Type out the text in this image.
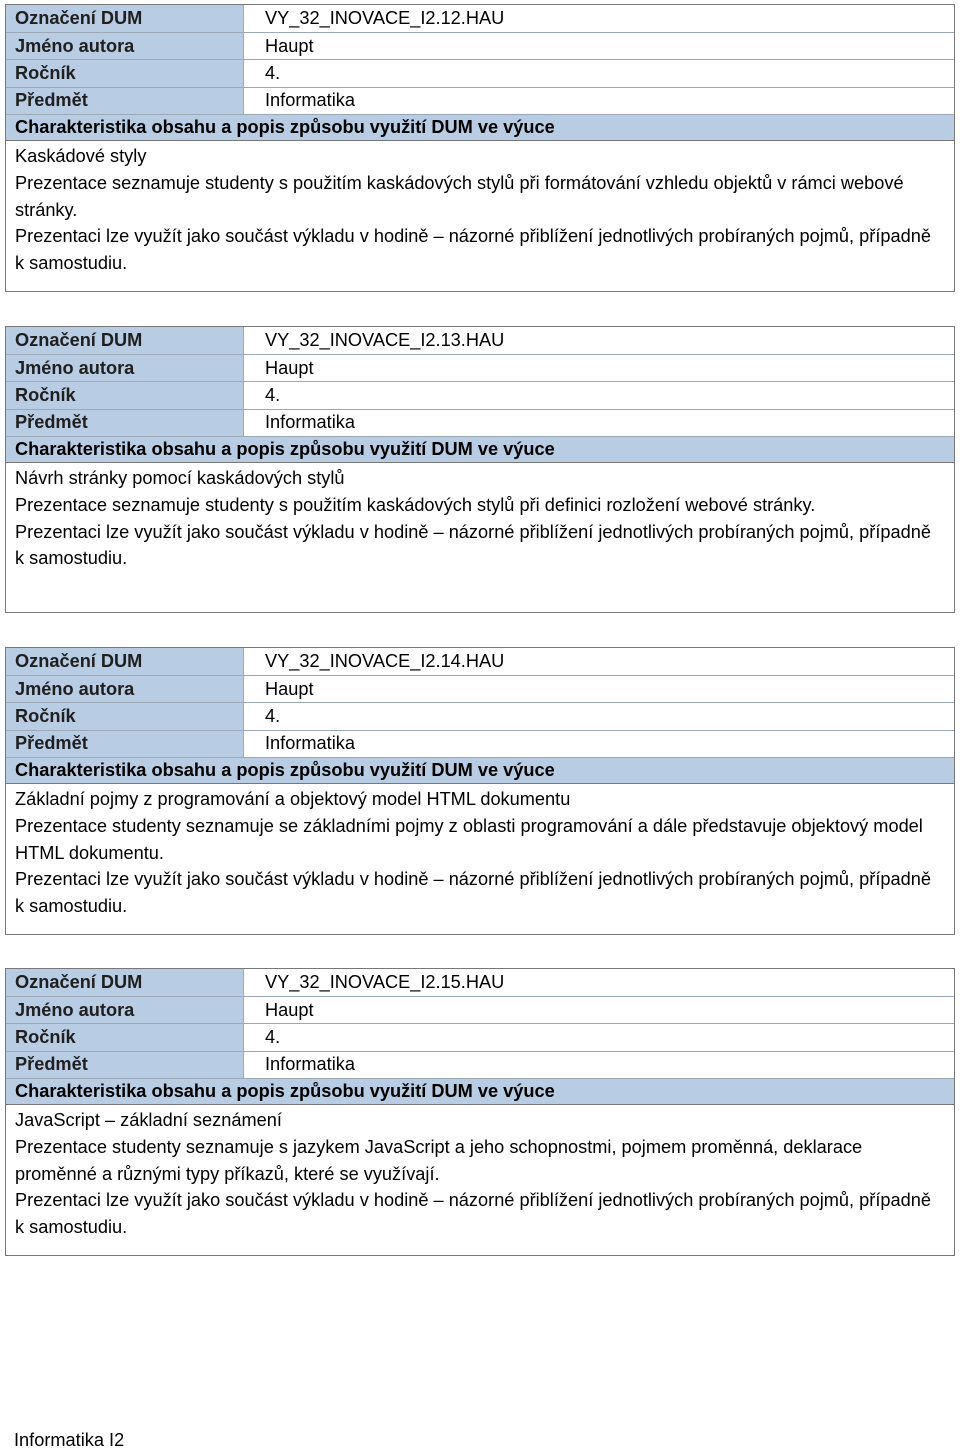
Označení DUM	VY_32_INOVACE_I2.12.HAU
Jméno autora	Haupt
Ročník	4.
Předmět	Informatika
Charakteristika obsahu a popis způsobu využití DUM ve výuce

Kaskádové styly

Prezentace seznamuje studenty s použitím kaskádových stylů při formátování vzhledu objektů v rámci webové stránky.

Prezentaci lze využít jako součást výkladu v hodině – názorné přiblížení jednotlivých probíraných pojmů, případně k samostudiu.

Označení DUM	VY_32_INOVACE_I2.13.HAU
Jméno autora	Haupt
Ročník	4.
Předmět	Informatika
Charakteristika obsahu a popis způsobu využití DUM ve výuce

Návrh stránky pomocí kaskádových stylů

Prezentace seznamuje studenty s použitím kaskádových stylů při definici rozložení webové stránky.

Prezentaci lze využít jako součást výkladu v hodině – názorné přiblížení jednotlivých probíraných pojmů, případně k samostudiu.

Označení DUM	VY_32_INOVACE_I2.14.HAU
Jméno autora	Haupt
Ročník	4.
Předmět	Informatika
Charakteristika obsahu a popis způsobu využití DUM ve výuce

Základní pojmy z programování a objektový model HTML dokumentu

Prezentace studenty seznamuje se základními pojmy z oblasti programování a dále představuje objektový model HTML dokumentu.

Prezentaci lze využít jako součást výkladu v hodině – názorné přiblížení jednotlivých probíraných pojmů, případně k samostudiu.

Označení DUM	VY_32_INOVACE_I2.15.HAU
Jméno autora	Haupt
Ročník	4.
Předmět	Informatika
Charakteristika obsahu a popis způsobu využití DUM ve výuce

JavaScript – základní seznámení

Prezentace studenty seznamuje s jazykem JavaScript a jeho schopnostmi, pojmem proměnná, deklarace proměnné a různými typy příkazů, které se využívají.

Prezentaci lze využít jako součást výkladu v hodině – názorné přiblížení jednotlivých probíraných pojmů, případně k samostudiu.

Informatika I2
